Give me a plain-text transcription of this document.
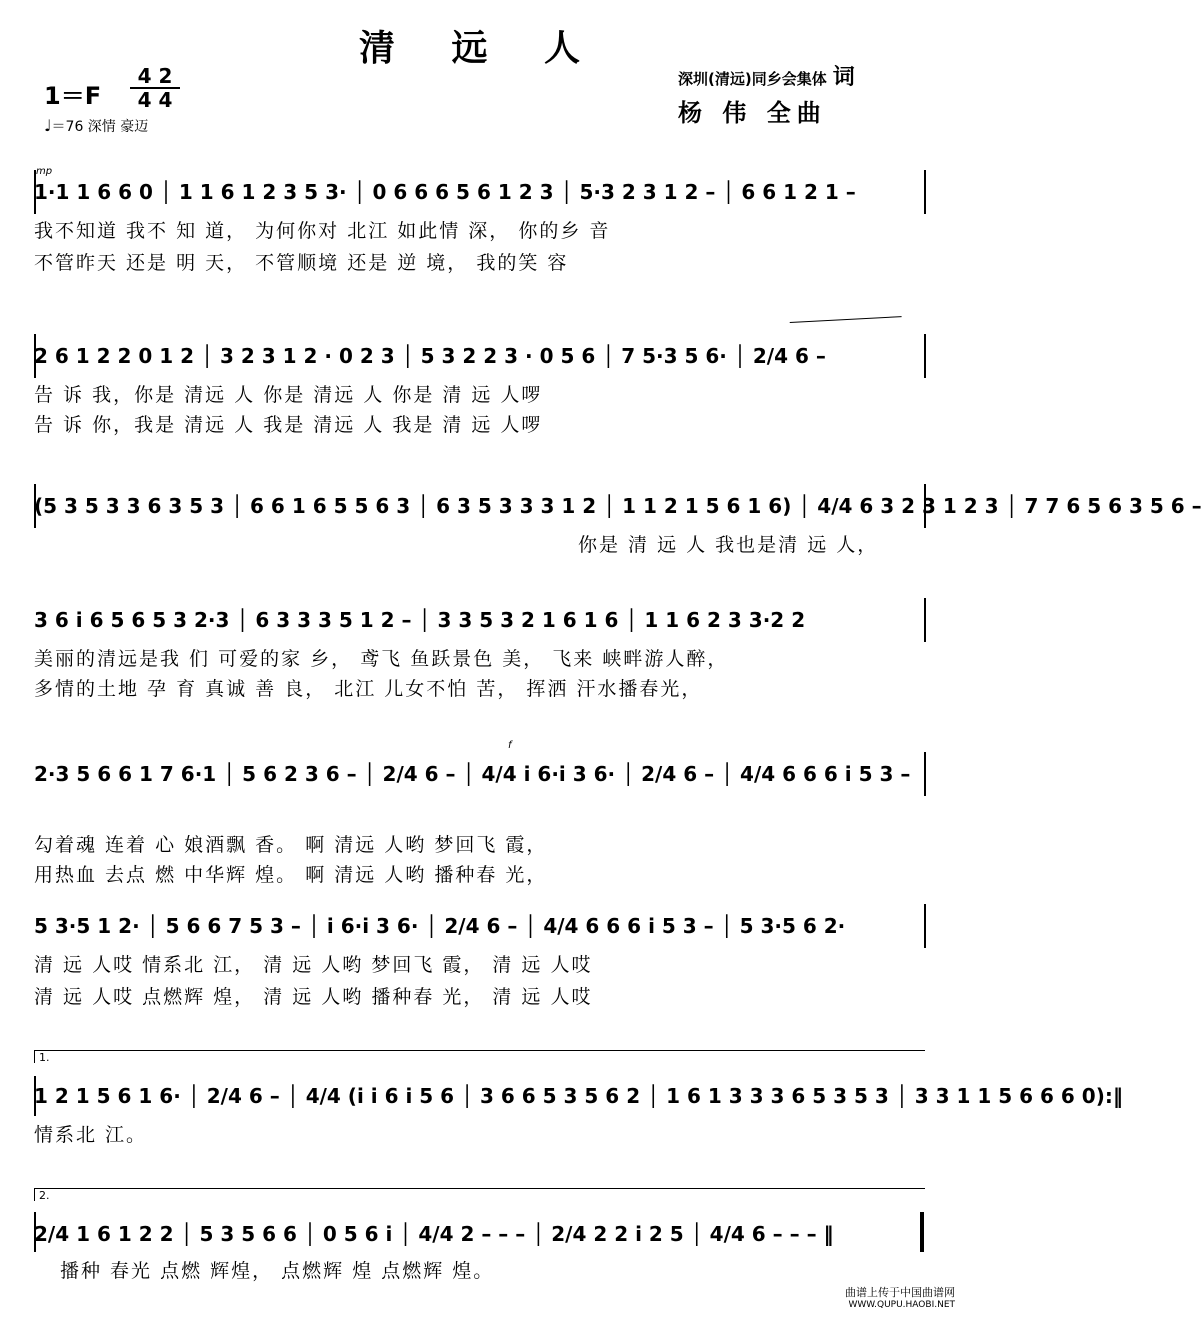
清 远 人
1＝F
4 2
4 4
♩＝76 深情 豪迈
深圳(清远)同乡会集体 词
杨 伟 全曲
mp
f
1·1 1 6 6 0 │ 1 1 6 1 2 3 5 3· │ 0 6 6 6 5 6 1 2 3 │ 5·3 2 3 1 2 – │ 6 6 1 2 1 –
我不知道 我不 知 道， 为何你对 北江 如此情 深， 你的乡 音
不管昨天 还是 明 天， 不管顺境 还是 逆 境， 我的笑 容
2 6 1 2 2 0 1 2 │ 3 2 3 1 2 · 0 2 3 │ 5 3 2 2 3 · 0 5 6 │ 7 5·3 5 6· │ 2/4 6 –
告 诉 我，你是 清远 人 你是 清远 人 你是 清 远 人啰
告 诉 你，我是 清远 人 我是 清远 人 我是 清 远 人啰
(5 3 5 3 3 6 3 5 3 │ 6 6 1 6 5 5 6 3 │ 6 3 5 3 3 3 1 2 │ 1 1 2 1 5 6 1 6) │ 4/4 6 3 2 3 1 2 3 │ 7 7 6 5 6 3 5 6 –
你是 清 远 人 我也是清 远 人，
3 6 i 6 5 6 5 3 2·3 │ 6 3 3 3 5 1 2 – │ 3 3 5 3 2 1 6 1 6 │ 1 1 6 2 3 3·2 2
美丽的清远是我 们 可爱的家 乡， 鸢飞 鱼跃景色 美， 飞来 峡畔游人醉，
多情的土地 孕 育 真诚 善 良， 北江 儿女不怕 苦， 挥洒 汗水播春光，
2·3 5 6 6 1 7 6·1 │ 5 6 2 3 6 – │ 2/4 6 – │ 4/4 i 6·i 3 6· │ 2/4 6 – │ 4/4 6 6 6 i 5 3 –
勾着魂 连着 心 娘酒飘 香。 啊 清远 人哟 梦回飞 霞，
用热血 去点 燃 中华辉 煌。 啊 清远 人哟 播种春 光，
5 3·5 1 2· │ 5 6 6 7 5 3 – │ i 6·i 3 6· │ 2/4 6 – │ 4/4 6 6 6 i 5 3 – │ 5 3·5 6 2·
清 远 人哎 情系北 江， 清 远 人哟 梦回飞 霞， 清 远 人哎
清 远 人哎 点燃辉 煌， 清 远 人哟 播种春 光， 清 远 人哎
1.
1 2 1 5 6 1 6· │ 2/4 6 – │ 4/4 (i i 6 i 5 6 │ 3 6 6 5 3 5 6 2 │ 1 6 1 3 3 3 6 5 3 5 3 │ 3 3 1 1 5 6 6 6 0):‖
情系北 江。
2.
2/4 1 6 1 2 2 │ 5 3 5 6 6 │ 0 5 6 i │ 4/4 2 – – – │ 2/4 2 2 i 2 5 │ 4/4 6 – – – ‖
播种 春光 点燃 辉煌， 点燃辉 煌 点燃辉 煌。
曲谱上传于中国曲谱网
WWW.QUPU.HAOBI.NET
